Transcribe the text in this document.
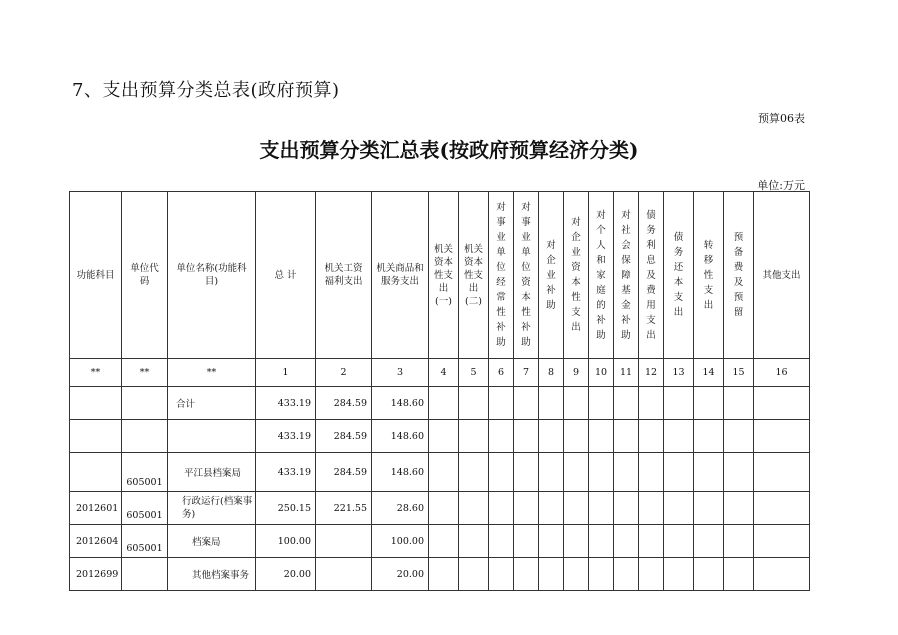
7、支出预算分类总表(政府预算)
预算06表
支出预算分类汇总表(按政府预算经济分类)
单位:万元
功能科目	单位代码	单位名称(功能科目)	总 计	机关工资福利支出	机关商品和服务支出	机关资本性支出(一)	机关资本性支出(二)	对事业单位经常性补助	对事业单位资本性补助	对企业补助	对企业资本性支出	对个人和家庭的补助	对社会保障基金补助	债务利息及费用支出	债务还本支出	转移性支出	预备费及预留	其他支出
**	**	**	1	2	3	4	5	6	7	8	9	10	11	12	13	14	15	16
		合计	433.19	284.59	148.60													
			433.19	284.59	148.60													
	605001	平江县档案局	433.19	284.59	148.60													
2012601	605001	行政运行(档案事务)	250.15	221.55	28.60													
2012604	605001	档案局	100.00		100.00													
2012699		其他档案事务	20.00		20.00													
